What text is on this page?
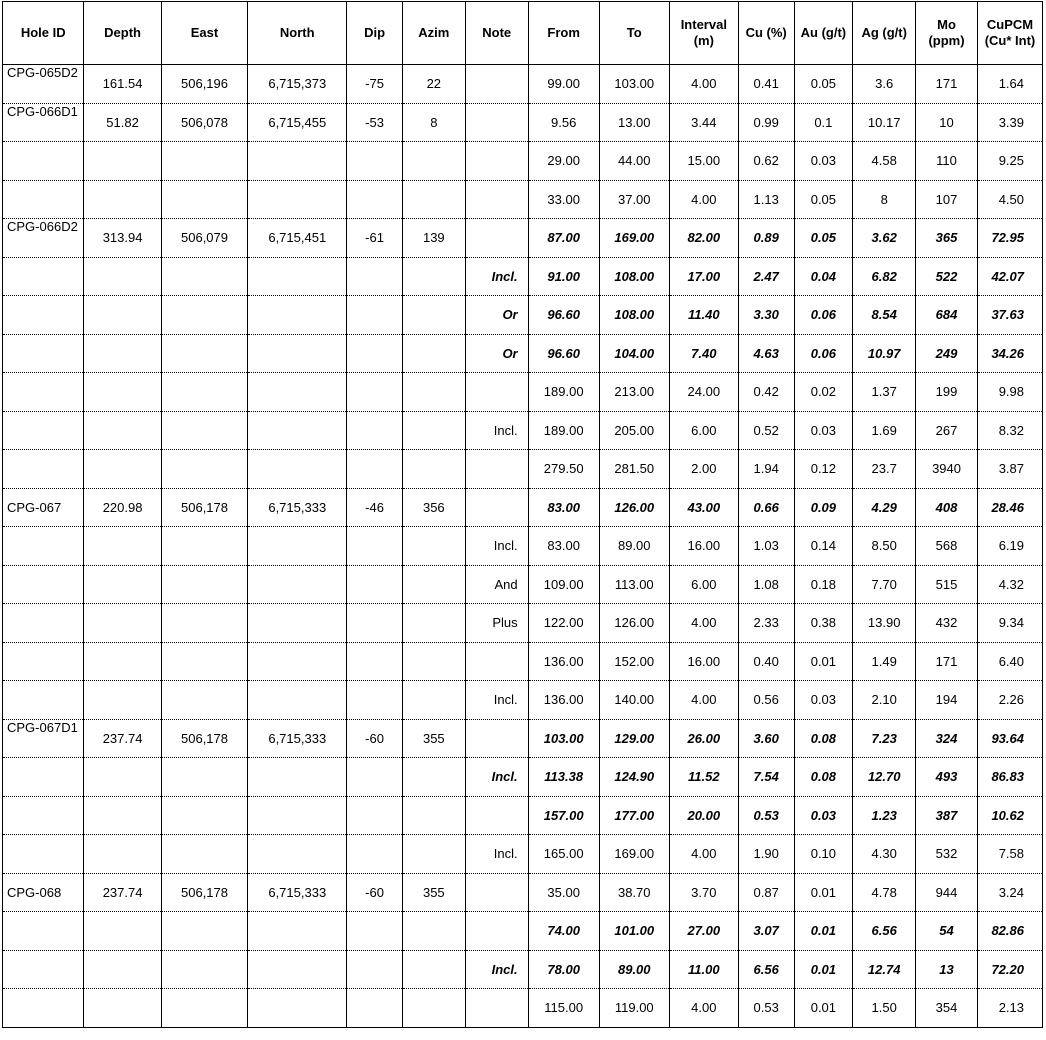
Hole ID	Depth	East	North	Dip	Azim	Note	From	To	Interval (m)	Cu (%)	Au (g/t)	Ag (g/t)	Mo (ppm)	CuPCM (Cu* Int)
CPG-065D2	161.54	506,196	6,715,373	-75	22		99.00	103.00	4.00	0.41	0.05	3.6	171	1.64
CPG-066D1	51.82	506,078	6,715,455	-53	8		9.56	13.00	3.44	0.99	0.1	10.17	10	3.39
							29.00	44.00	15.00	0.62	0.03	4.58	110	9.25
							33.00	37.00	4.00	1.13	0.05	8	107	4.50
CPG-066D2	313.94	506,079	6,715,451	-61	139		87.00	169.00	82.00	0.89	0.05	3.62	365	72.95
						Incl.	91.00	108.00	17.00	2.47	0.04	6.82	522	42.07
						Or	96.60	108.00	11.40	3.30	0.06	8.54	684	37.63
						Or	96.60	104.00	7.40	4.63	0.06	10.97	249	34.26
							189.00	213.00	24.00	0.42	0.02	1.37	199	9.98
						Incl.	189.00	205.00	6.00	0.52	0.03	1.69	267	8.32
							279.50	281.50	2.00	1.94	0.12	23.7	3940	3.87
CPG-067	220.98	506,178	6,715,333	-46	356		83.00	126.00	43.00	0.66	0.09	4.29	408	28.46
						Incl.	83.00	89.00	16.00	1.03	0.14	8.50	568	6.19
						And	109.00	113.00	6.00	1.08	0.18	7.70	515	4.32
						Plus	122.00	126.00	4.00	2.33	0.38	13.90	432	9.34
							136.00	152.00	16.00	0.40	0.01	1.49	171	6.40
						Incl.	136.00	140.00	4.00	0.56	0.03	2.10	194	2.26
CPG-067D1	237.74	506,178	6,715,333	-60	355		103.00	129.00	26.00	3.60	0.08	7.23	324	93.64
						Incl.	113.38	124.90	11.52	7.54	0.08	12.70	493	86.83
							157.00	177.00	20.00	0.53	0.03	1.23	387	10.62
						Incl.	165.00	169.00	4.00	1.90	0.10	4.30	532	7.58
CPG-068	237.74	506,178	6,715,333	-60	355		35.00	38.70	3.70	0.87	0.01	4.78	944	3.24
							74.00	101.00	27.00	3.07	0.01	6.56	54	82.86
						Incl.	78.00	89.00	11.00	6.56	0.01	12.74	13	72.20
							115.00	119.00	4.00	0.53	0.01	1.50	354	2.13
